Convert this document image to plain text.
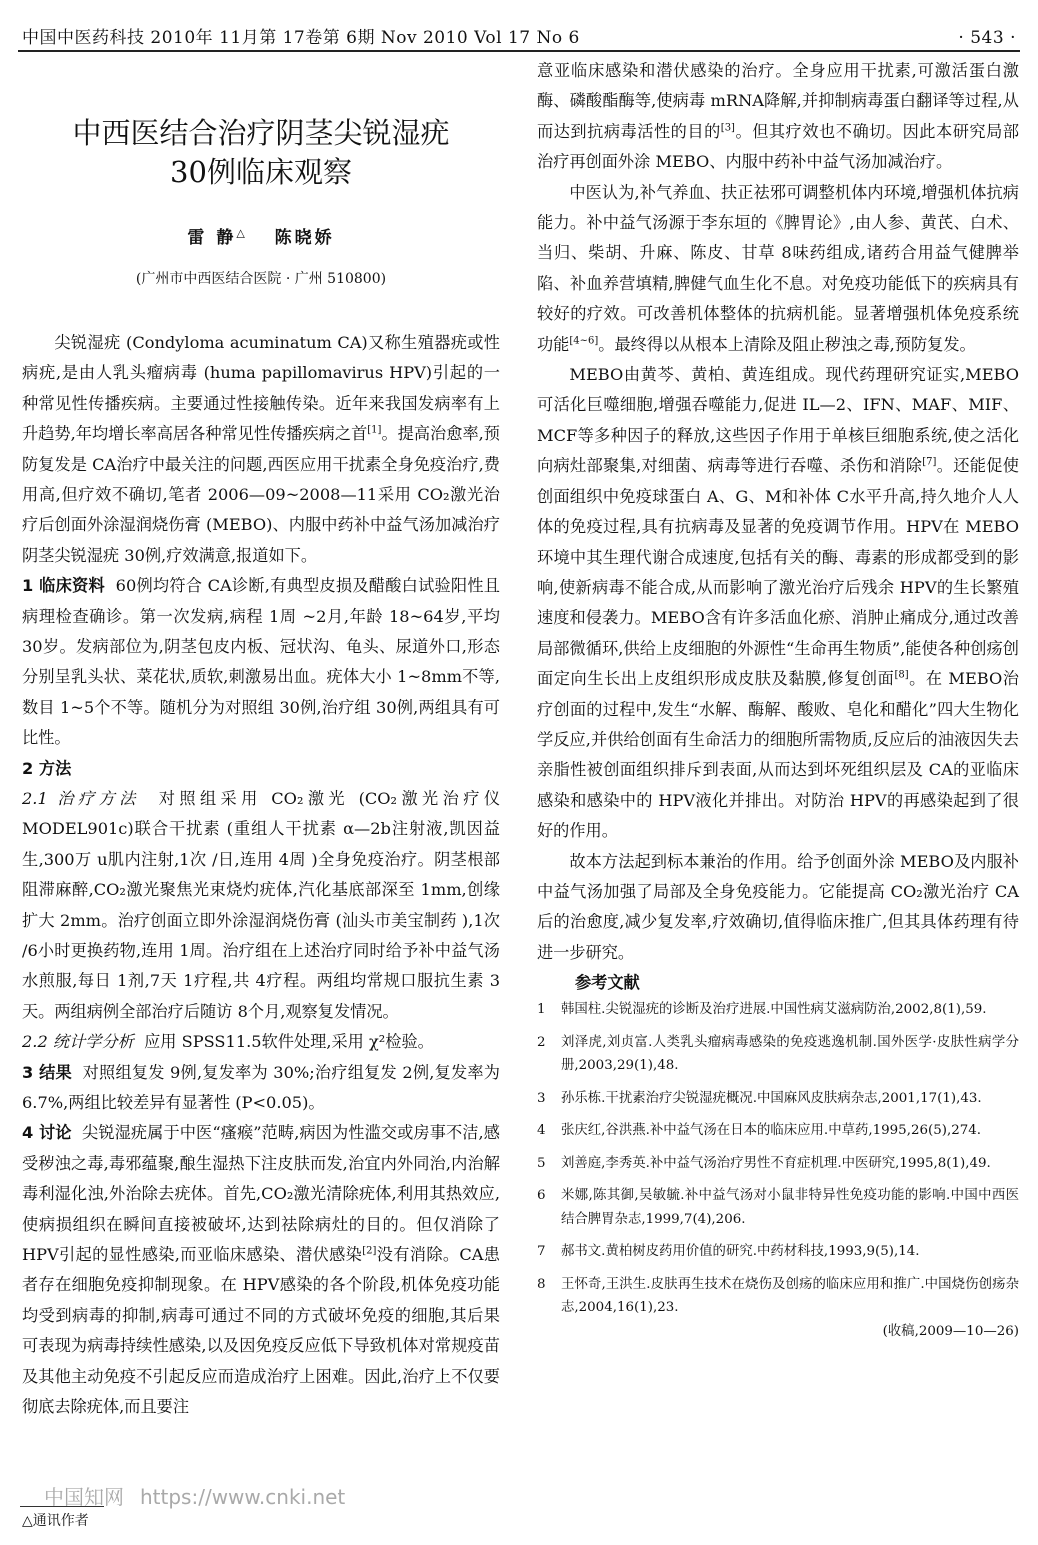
中国中医药科技 2010年 11月第 17卷第 6期 Nov 2010 Vol 17 No 6	· 543 ·
中西医结合治疗阴茎尖锐湿疣
30例临床观察
雷 静△ 陈晓娇
(广州市中西医结合医院 · 广州 510800)

尖锐湿疣 (Condyloma acuminatum CA)又称生殖器疣或性病疣,是由人乳头瘤病毒 (huma papillomavirus HPV)引起的一种常见性传播疾病。主要通过性接触传染。近年来我国发病率有上升趋势,年均增长率高居各种常见性传播疾病之首[1]。提高治愈率,预防复发是 CA治疗中最关注的问题,西医应用干扰素全身免疫治疗,费用高,但疗效不确切,笔者 2006—09~2008—11采用 CO₂激光治疗后创面外涂湿润烧伤膏 (MEBO)、内服中药补中益气汤加减治疗阴茎尖锐湿疣 30例,疗效满意,报道如下。

1 临床资料 60例均符合 CA诊断,有典型皮损及醋酸白试验阳性且病理检查确诊。第一次发病,病程 1周 ~2月,年龄 18~64岁,平均 30岁。发病部位为,阴茎包皮内板、冠状沟、龟头、尿道外口,形态分别呈乳头状、菜花状,质软,刺激易出血。疣体大小 1~8mm不等,数目 1~5个不等。随机分为对照组 30例,治疗组 30例,两组具有可比性。

2 方法

2.1 治疗方法 对照组采用 CO₂激光 (CO₂激光治疗仪 MODEL901c)联合干扰素 (重组人干扰素 α—2b注射液,凯因益生,300万 u肌内注射,1次 /日,连用 4周 )全身免疫治疗。阴茎根部阻滞麻醉,CO₂激光聚焦光束烧灼疣体,汽化基底部深至 1mm,创缘扩大 2mm。治疗创面立即外涂湿润烧伤膏 (汕头市美宝制药 ),1次 /6小时更换药物,连用 1周。治疗组在上述治疗同时给予补中益气汤水煎服,每日 1剂,7天 1疗程,共 4疗程。两组均常规口服抗生素 3天。两组病例全部治疗后随访 8个月,观察复发情况。

2.2 统计学分析 应用 SPSS11.5软件处理,采用 χ²检验。

3 结果 对照组复发 9例,复发率为 30%;治疗组复发 2例,复发率为 6.7%,两组比较差异有显著性 (P<0.05)。

4 讨论 尖锐湿疣属于中医“瘙瘊”范畴,病因为性滥交或房事不洁,感受秽浊之毒,毒邪蕴聚,酿生湿热下注皮肤而发,治宜内外同治,内治解毒利湿化浊,外治除去疣体。首先,CO₂激光清除疣体,利用其热效应,使病损组织在瞬间直接被破坏,达到祛除病灶的目的。但仅消除了 HPV引起的显性感染,而亚临床感染、潜伏感染[2]没有消除。CA患者存在细胞免疫抑制现象。在 HPV感染的各个阶段,机体免疫功能均受到病毒的抑制,病毒可通过不同的方式破坏免疫的细胞,其后果可表现为病毒持续性感染,以及因免疫反应低下导致机体对常规疫苗及其他主动免疫不引起反应而造成治疗上困难。因此,治疗上不仅要彻底去除疣体,而且要注

意亚临床感染和潜伏感染的治疗。全身应用干扰素,可激活蛋白激酶、磷酸酯酶等,使病毒 mRNA降解,并抑制病毒蛋白翻译等过程,从而达到抗病毒活性的目的[3]。但其疗效也不确切。因此本研究局部治疗再创面外涂 MEBO、内服中药补中益气汤加减治疗。

中医认为,补气养血、扶正祛邪可调整机体内环境,增强机体抗病能力。补中益气汤源于李东垣的《脾胃论》,由人参、黄芪、白术、当归、柴胡、升麻、陈皮、甘草 8味药组成,诸药合用益气健脾举陷、补血养营填精,脾健气血生化不息。对免疫功能低下的疾病具有较好的疗效。可改善机体整体的抗病机能。显著增强机体免疫系统功能[4~6]。最终得以从根本上清除及阻止秽浊之毒,预防复发。

MEBO由黄芩、黄柏、黄连组成。现代药理研究证实,MEBO可活化巨噬细胞,增强吞噬能力,促进 IL—2、IFN、MAF、MIF、MCF等多种因子的释放,这些因子作用于单核巨细胞系统,使之活化向病灶部聚集,对细菌、病毒等进行吞噬、杀伤和消除[7]。还能促使创面组织中免疫球蛋白 A、G、M和补体 C水平升高,持久地介人人体的免疫过程,具有抗病毒及显著的免疫调节作用。HPV在 MEBO环境中其生理代谢合成速度,包括有关的酶、毒素的形成都受到的影响,使新病毒不能合成,从而影响了激光治疗后残余 HPV的生长繁殖速度和侵袭力。MEBO含有许多活血化瘀、消肿止痛成分,通过改善局部微循环,供给上皮细胞的外源性“生命再生物质”,能使各种创疡创面定向生长出上皮组织形成皮肤及黏膜,修复创面[8]。在 MEBO治疗创面的过程中,发生“水解、酶解、酸败、皂化和醋化”四大生物化学反应,并供给创面有生命活力的细胞所需物质,反应后的油液因失去亲脂性被创面组织排斥到表面,从而达到坏死组织层及 CA的亚临床感染和感染中的 HPV液化并排出。对防治 HPV的再感染起到了很好的作用。

故本方法起到标本兼治的作用。给予创面外涂 MEBO及内服补中益气汤加强了局部及全身免疫能力。它能提高 CO₂激光治疗 CA后的治愈度,减少复发率,疗效确切,值得临床推广,但其具体药理有待进一步研究。

参考文献
1	韩国柱.尖锐湿疣的诊断及治疗进展.中国性病艾滋病防治,2002,8(1),59.
2	刘泽虎,刘贞富.人类乳头瘤病毒感染的免疫逃逸机制.国外医学·皮肤性病学分册,2003,29(1),48.
3	孙乐栋.干扰素治疗尖锐湿疣概况.中国麻风皮肤病杂志,2001,17(1),43.
4	张庆红,谷洪燕.补中益气汤在日本的临床应用.中草药,1995,26(5),274.
5	刘善庭,李秀英.补中益气汤治疗男性不育症机理.中医研究,1995,8(1),49.
6	米娜,陈其御,吴敏毓.补中益气汤对小鼠非特异性免疫功能的影响.中国中西医结合脾胃杂志,1999,7(4),206.
7	郝书文.黄柏树皮药用价值的研究.中药材科技,1993,9(5),14.
8	王怀奇,王洪生.皮肤再生技术在烧伤及创疡的临床应用和推广.中国烧伤创疡杂志,2004,16(1),23.
(收稿,2009—10—26)
中国知网 https://www.cnki.net
△通讯作者
